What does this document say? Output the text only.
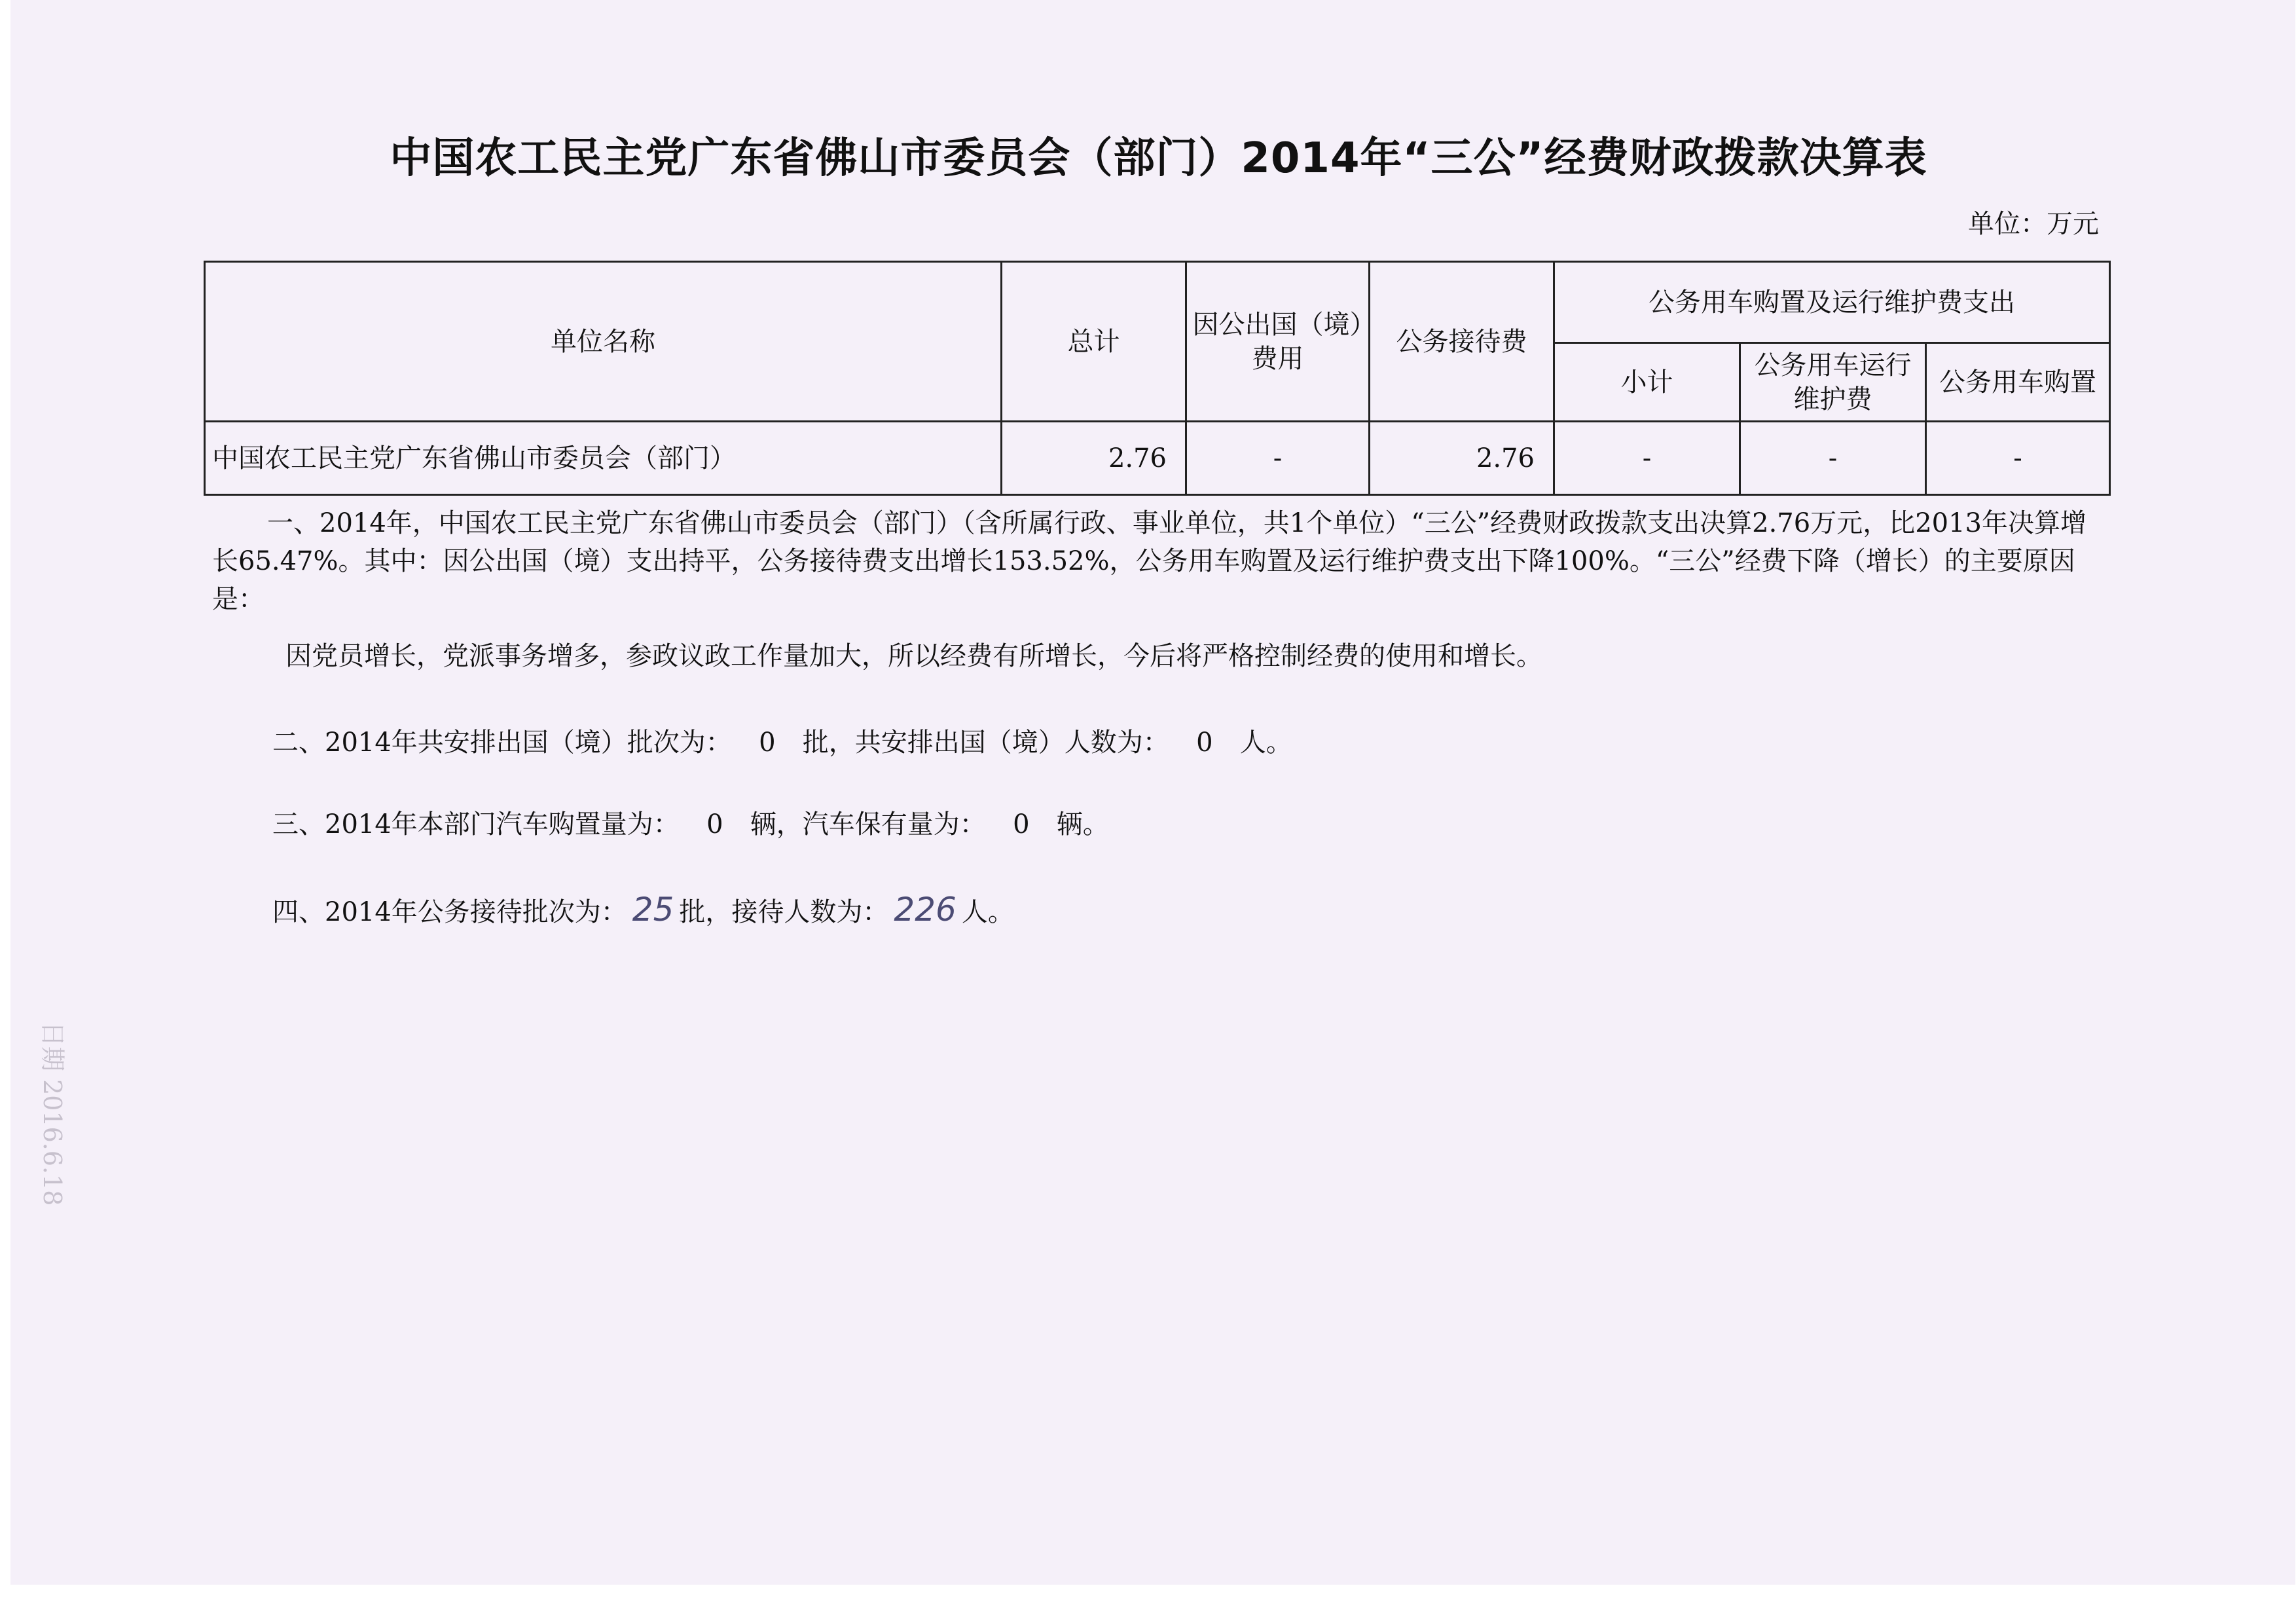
中国农工民主党广东省佛山市委员会（部门）2014年“三公”经费财政拨款决算表
单位：万元
单位名称	总计	因公出国（境）费用	公务接待费	公务用车购置及运行维护费支出		
				小计	公务用车运行维护费	公务用车购置
中国农工民主党广东省佛山市委员会（部门）	2.76	-	2.76	-	-	-
一、2014年，中国农工民主党广东省佛山市委员会（部门）（含所属行政、事业单位，共1个单位）“三公”经费财政拨款支出决算2.76万元，比2013年决算增长65.47%。其中：因公出国（境）支出持平，公务接待费支出增长153.52%，公务用车购置及运行维护费支出下降100%。“三公”经费下降（增长）的主要原因是：
因党员增长，党派事务增多，参政议政工作量加大，所以经费有所增长，今后将严格控制经费的使用和增长。
二、2014年共安排出国（境）批次为： 0 批，共安排出国（境）人数为： 0 人。
三、2014年本部门汽车购置量为： 0 辆，汽车保有量为： 0 辆。
四、2014年公务接待批次为： 25 批，接待人数为： 226 人。
日期 2016.6.18
